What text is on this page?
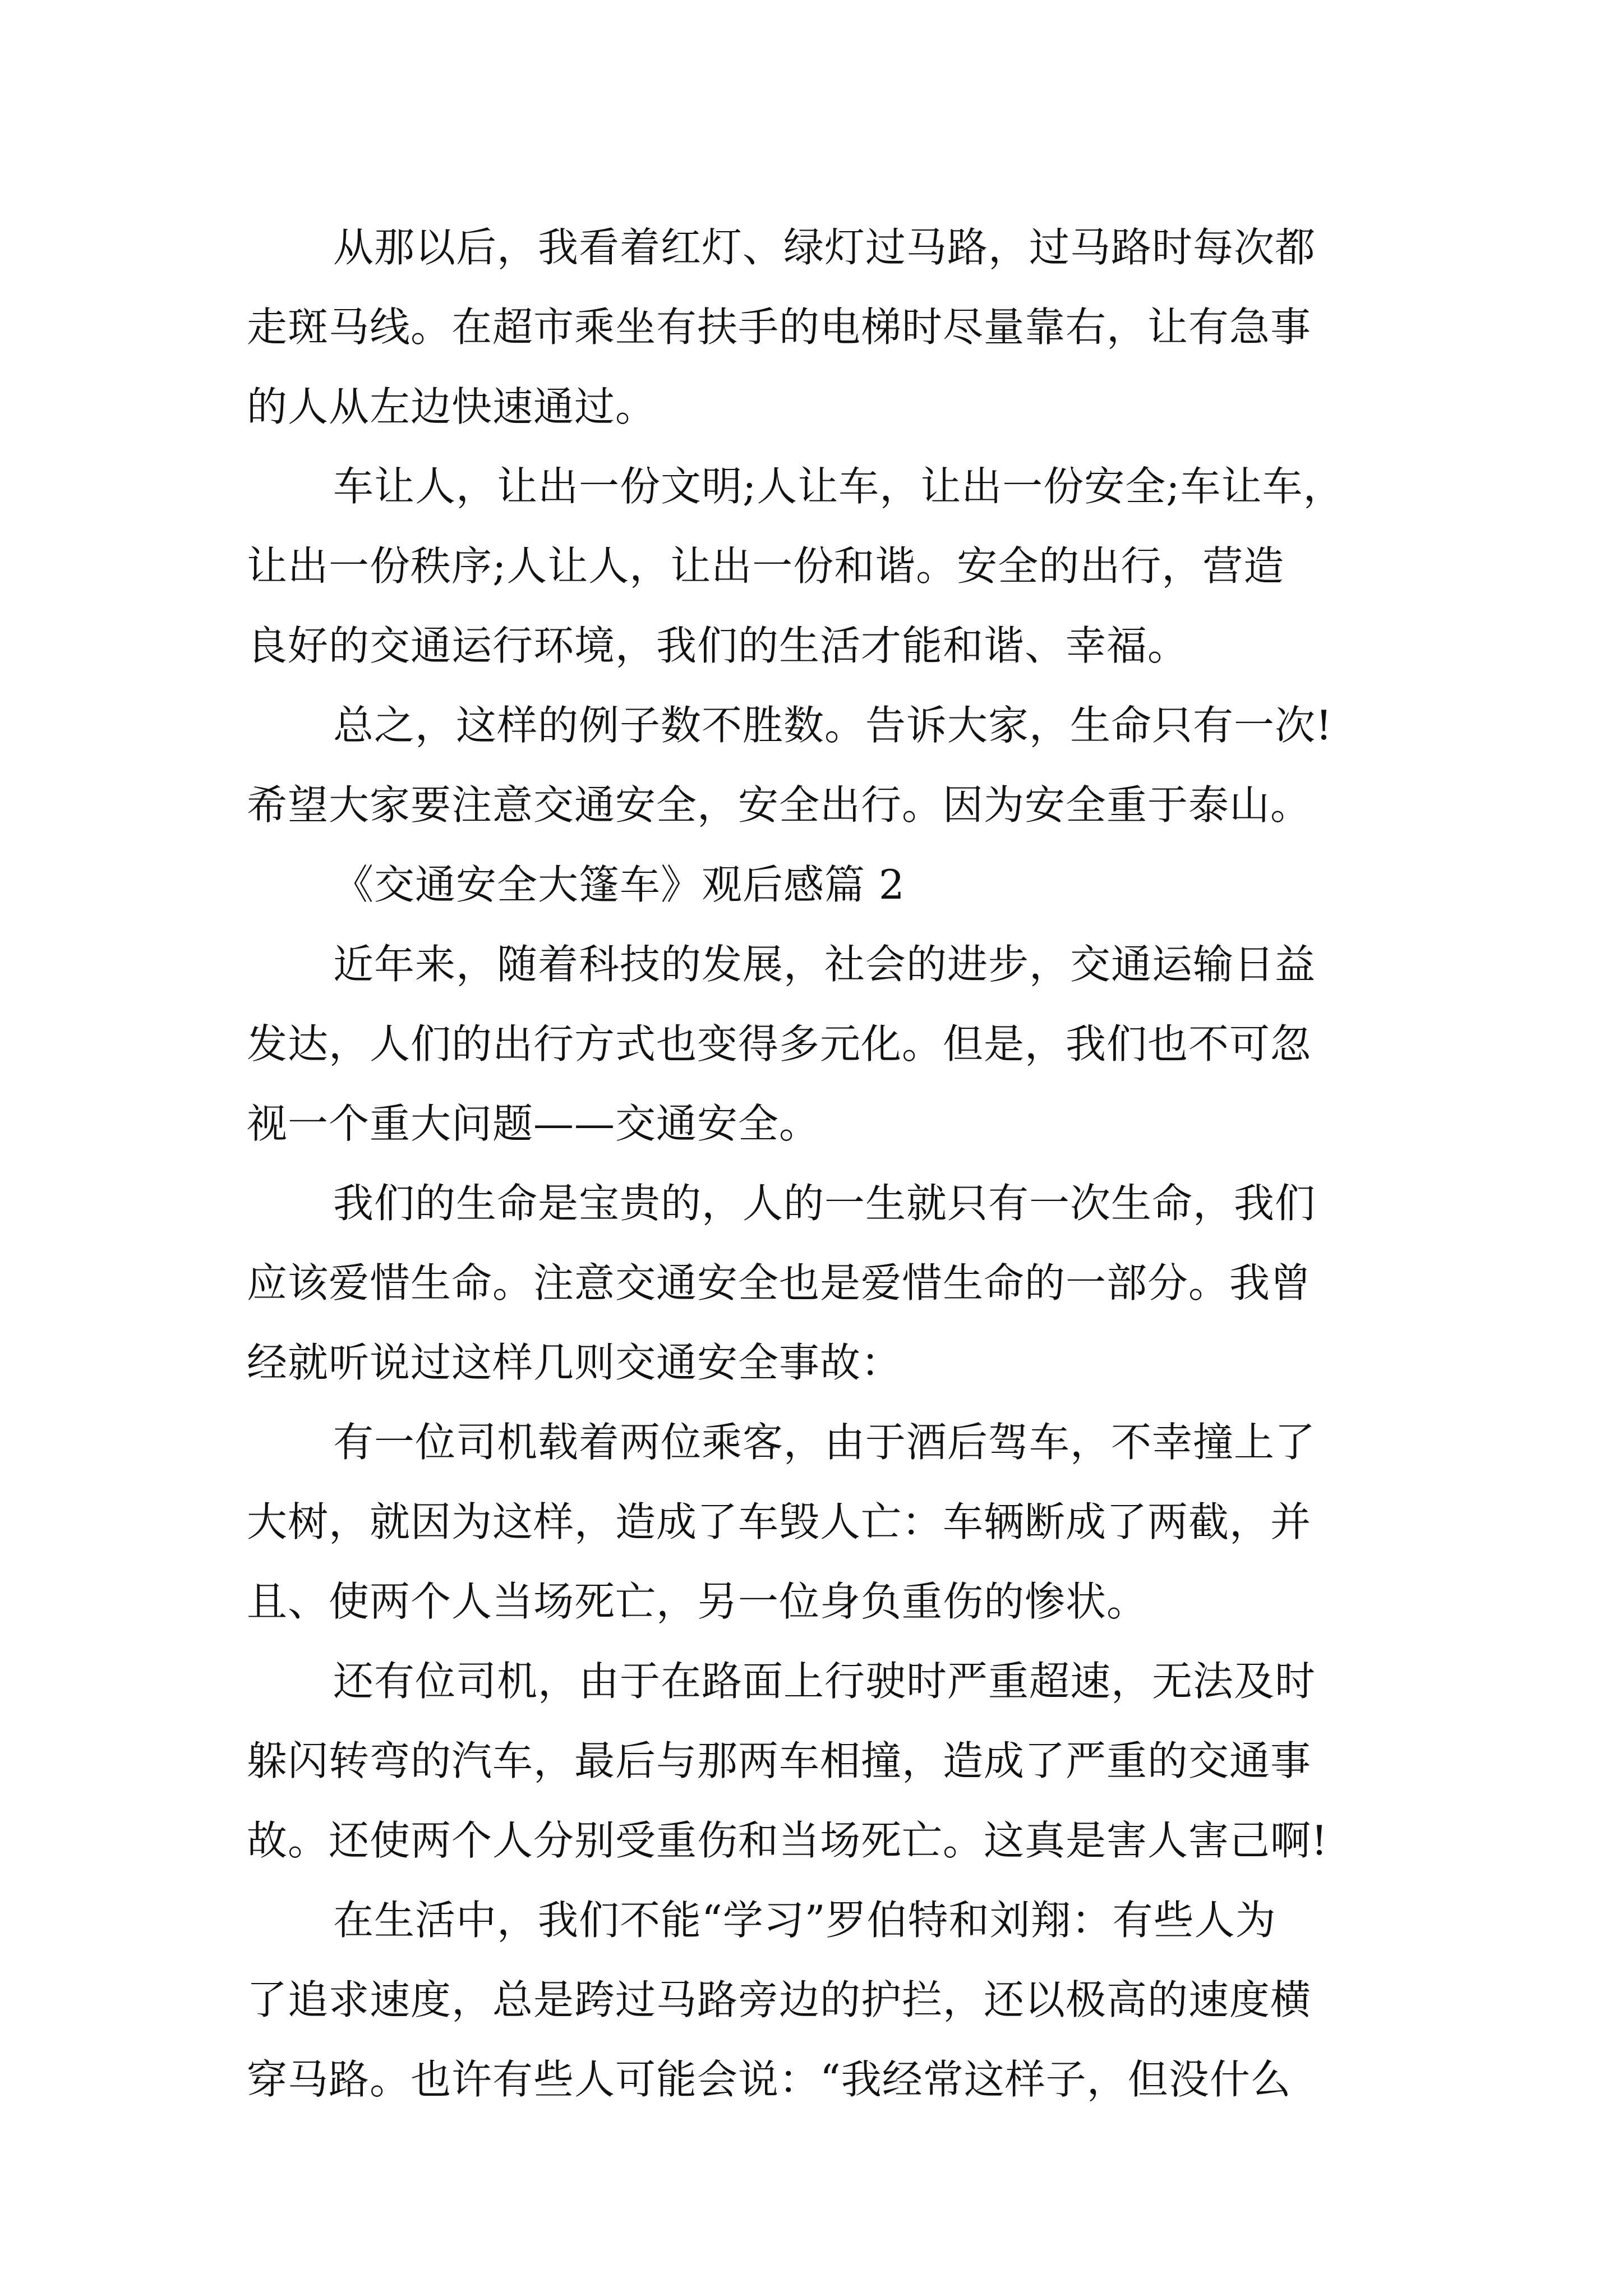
从那以后，我看着红灯、绿灯过马路，过马路时每次都
走斑马线。在超市乘坐有扶手的电梯时尽量靠右，让有急事
的人从左边快速通过。
车让人，让出一份文明;人让车，让出一份安全;车让车，
让出一份秩序;人让人，让出一份和谐。安全的出行，营造
良好的交通运行环境，我们的生活才能和谐、幸福。
总之，这样的例子数不胜数。告诉大家，生命只有一次!
希望大家要注意交通安全，安全出行。因为安全重于泰山。
《交通安全大篷车》观后感篇 2
近年来，随着科技的发展，社会的进步，交通运输日益
发达，人们的出行方式也变得多元化。但是，我们也不可忽
视一个重大问题——交通安全。
我们的生命是宝贵的，人的一生就只有一次生命，我们
应该爱惜生命。注意交通安全也是爱惜生命的一部分。我曾
经就听说过这样几则交通安全事故：
有一位司机载着两位乘客，由于酒后驾车，不幸撞上了
大树，就因为这样，造成了车毁人亡：车辆断成了两截，并
且、使两个人当场死亡，另一位身负重伤的惨状。
还有位司机，由于在路面上行驶时严重超速，无法及时
躲闪转弯的汽车，最后与那两车相撞，造成了严重的交通事
故。还使两个人分别受重伤和当场死亡。这真是害人害己啊!
在生活中，我们不能“学习”罗伯特和刘翔：有些人为
了追求速度，总是跨过马路旁边的护拦，还以极高的速度横
穿马路。也许有些人可能会说：“我经常这样子，但没什么
